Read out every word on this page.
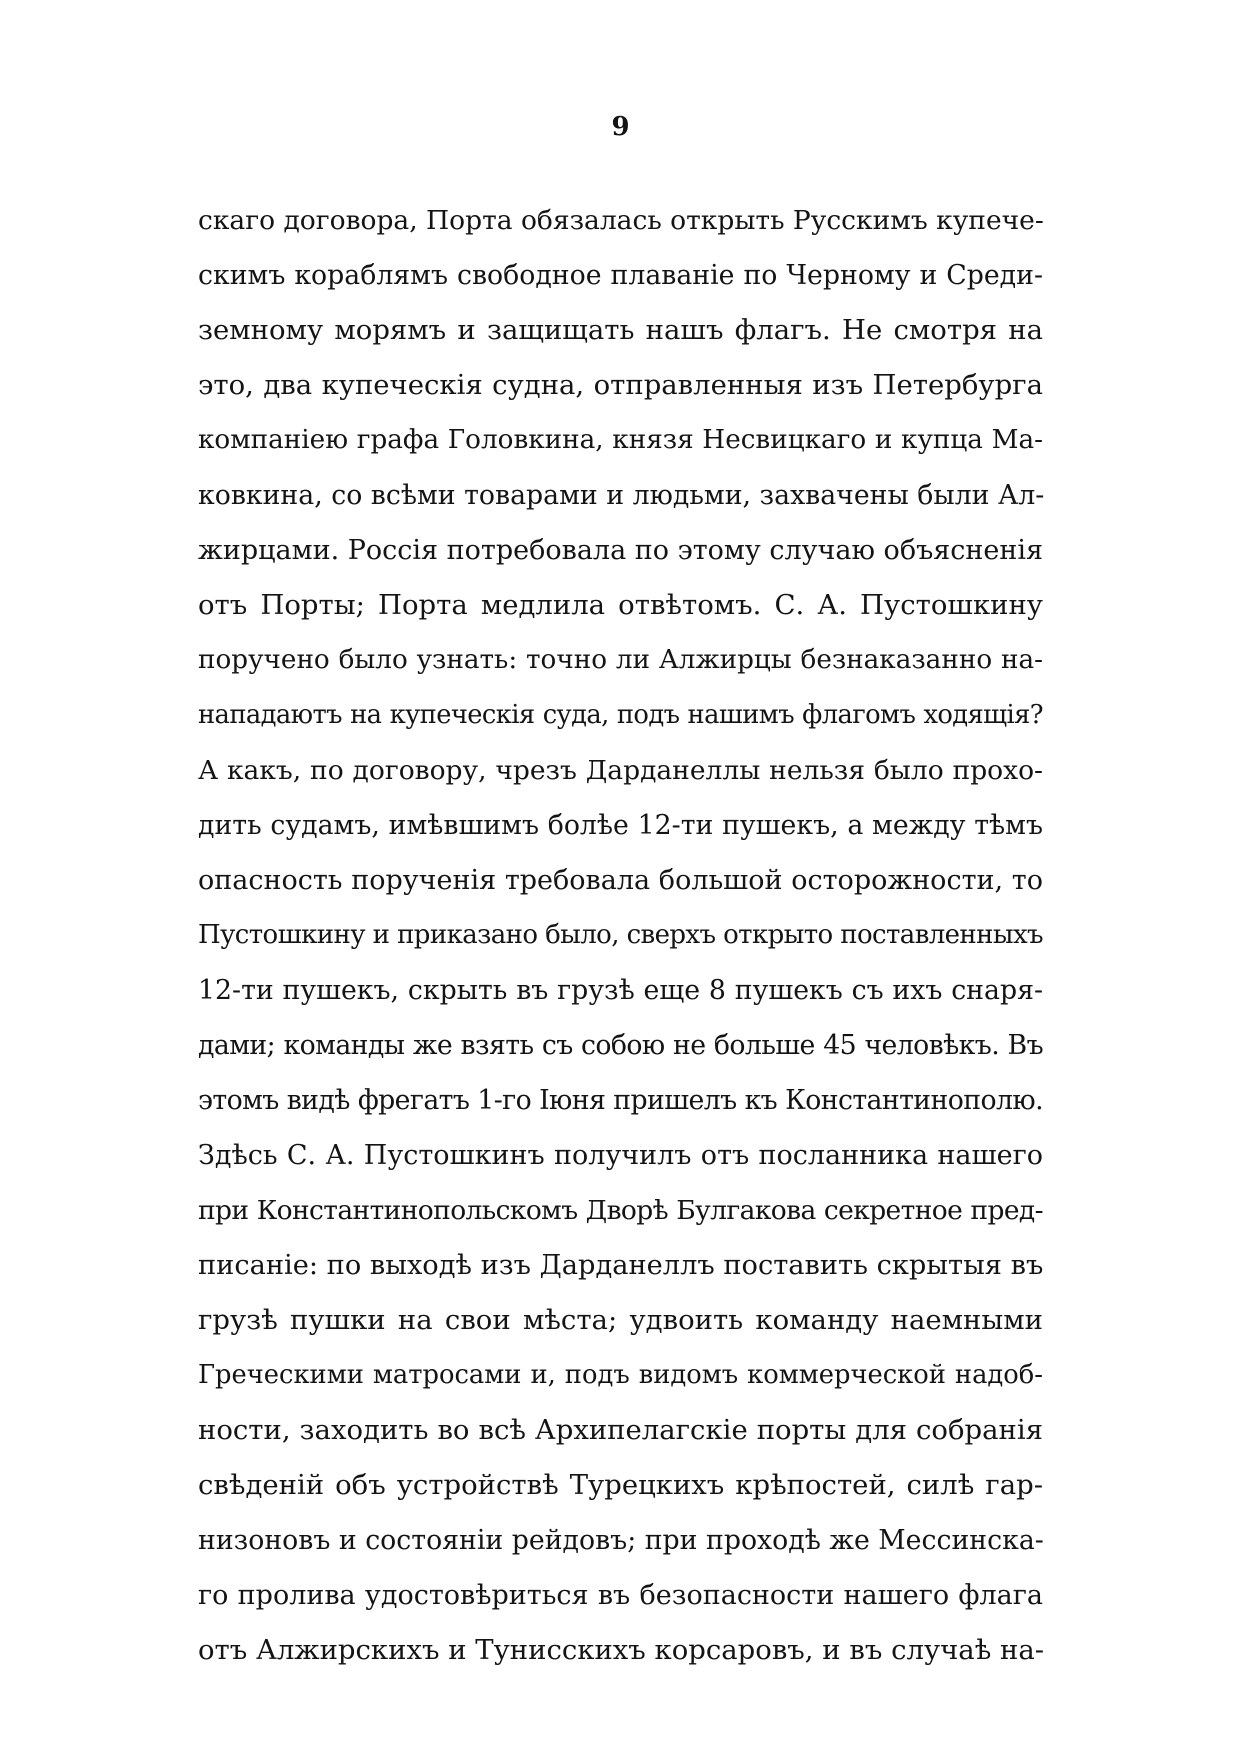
9
скаго договора, Порта обязалась открыть Русскимъ купече-
скимъ кораблямъ свободное плаваніе по Черному и Среди-
земному морямъ и защищать нашъ флагъ. Не смотря на
это, два купеческія судна, отправленныя изъ Петербурга
компаніею графа Головкина, князя Несвицкаго и купца Ма-
ковкина, со всѣми товарами и людьми, захвачены были Ал-
жирцами. Россія потребовала по этому случаю объясненія
отъ Порты; Порта медлила отвѣтомъ. С. А. Пустошкину
поручено было узнать: точно ли Алжирцы безнаказанно на-
нападаютъ на купеческія суда, подъ нашимъ флагомъ ходящія?
А какъ, по договору, чрезъ Дарданеллы нельзя было прохо-
дить судамъ, имѣвшимъ болѣе 12-ти пушекъ, а между тѣмъ
опасность порученія требовала большой осторожности, то
Пустошкину и приказано было, сверхъ открыто поставленныхъ
12-ти пушекъ, скрыть въ грузѣ еще 8 пушекъ съ ихъ снаря-
дами; команды же взять съ собою не больше 45 человѣкъ. Въ
этомъ видѣ фрегатъ 1-го Іюня пришелъ къ Константинополю.
Здѣсь С. А. Пустошкинъ получилъ отъ посланника нашего
при Константинопольскомъ Дворѣ Булгакова секретное пред-
писаніе: по выходѣ изъ Дарданеллъ поставить скрытыя въ
грузѣ пушки на свои мѣста; удвоить команду наемными
Греческими матросами и, подъ видомъ коммерческой надоб-
ности, заходить во всѣ Архипелагскіе порты для собранія
свѣденій объ устройствѣ Турецкихъ крѣпостей, силѣ гар-
низоновъ и состояніи рейдовъ; при проходѣ же Мессинска-
го пролива удостовѣриться въ безопасности нашего флага
отъ Алжирскихъ и Тунисскихъ корсаровъ, и въ случаѣ на-
